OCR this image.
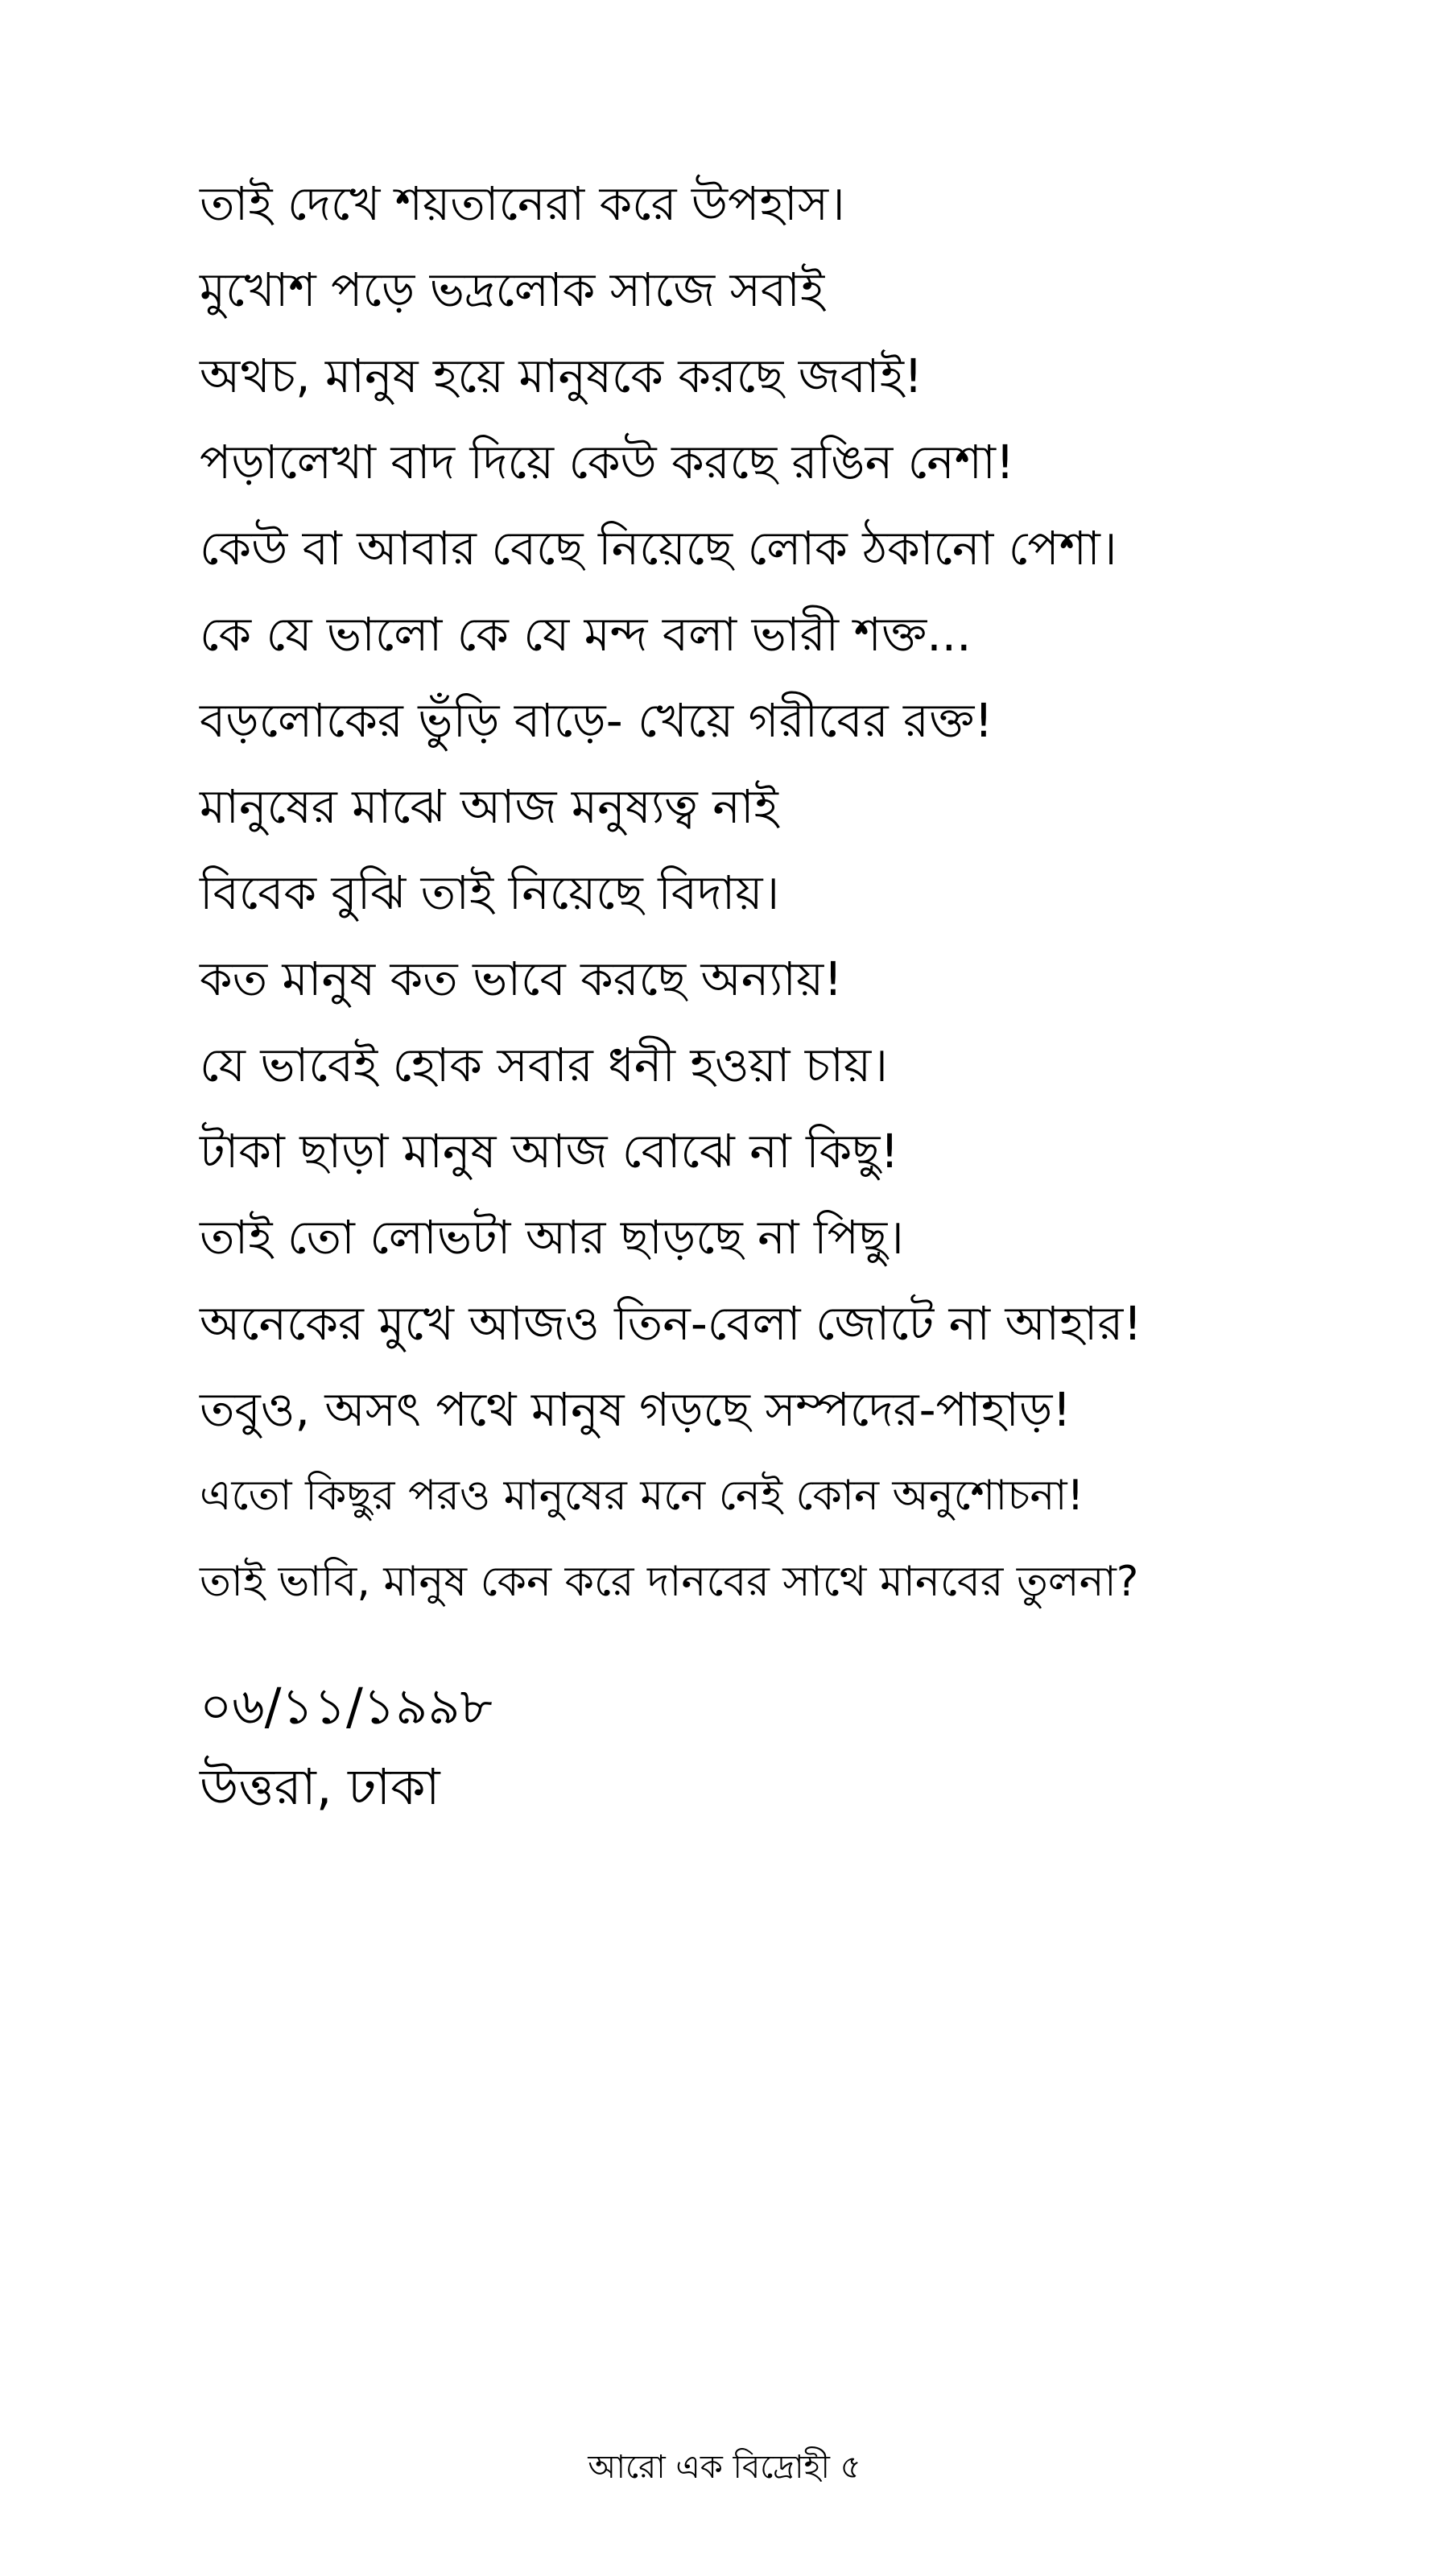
তাই দেখে শয়তানেরা করে উপহাস।
মুখোশ পড়ে ভদ্রলোক সাজে সবাই
অথচ, মানুষ হয়ে মানুষকে করছে জবাই!
পড়ালেখা বাদ দিয়ে কেউ করছে রঙিন নেশা!
কেউ বা আবার বেছে নিয়েছে লোক ঠকানো পেশা।
কে যে ভালো কে যে মন্দ বলা ভারী শক্ত...
বড়লোকের ভুঁড়ি বাড়ে- খেয়ে গরীবের রক্ত!
মানুষের মাঝে আজ মনুষ্যত্ব নাই
বিবেক বুঝি তাই নিয়েছে বিদায়।
কত মানুষ কত ভাবে করছে অন্যায়!
যে ভাবেই হোক সবার ধনী হওয়া চায়।
টাকা ছাড়া মানুষ আজ বোঝে না কিছু!
তাই তো লোভটা আর ছাড়ছে না পিছু।
অনেকের মুখে আজও তিন-বেলা জোটে না আহার!
তবুও, অসৎ পথে মানুষ গড়ছে সম্পদের-পাহাড়!
এতো কিছুর পরও মানুষের মনে নেই কোন অনুশোচনা!
তাই ভাবি, মানুষ কেন করে দানবের সাথে মানবের তুলনা?
০৬/১১/১৯৯৮
উত্তরা, ঢাকা
আরো এক বিদ্রোহী ৫
